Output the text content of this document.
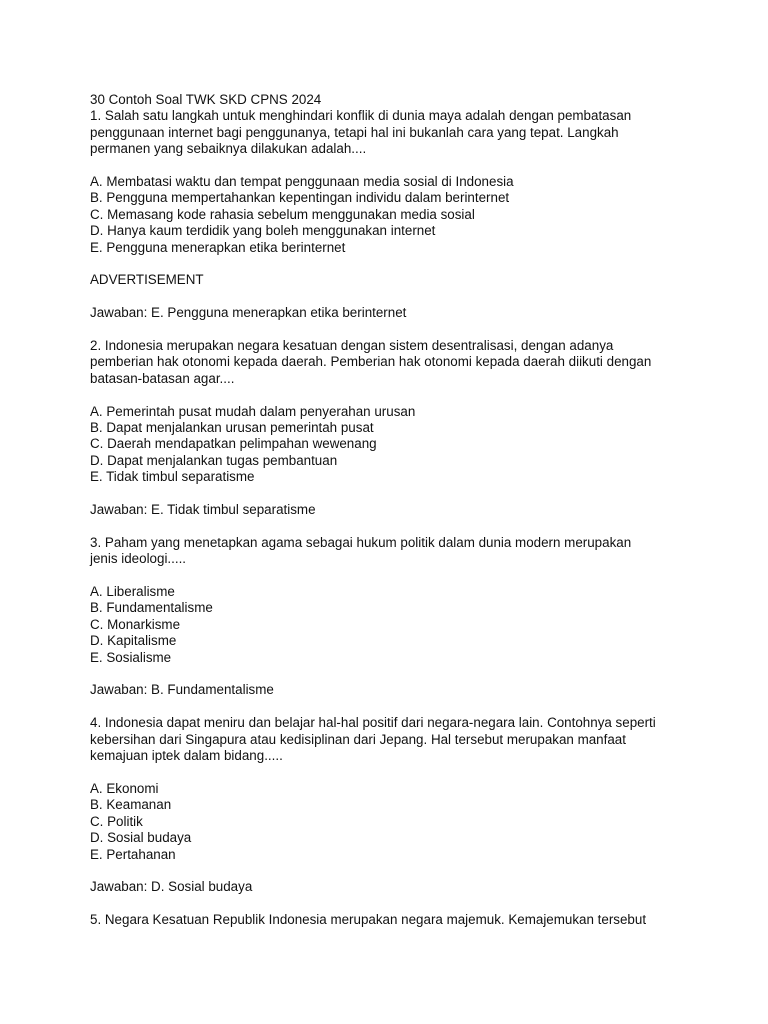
30 Contoh Soal TWK SKD CPNS 2024
1. Salah satu langkah untuk menghindari konflik di dunia maya adalah dengan pembatasan
penggunaan internet bagi penggunanya, tetapi hal ini bukanlah cara yang tepat. Langkah
permanen yang sebaiknya dilakukan adalah....
A. Membatasi waktu dan tempat penggunaan media sosial di Indonesia
B. Pengguna mempertahankan kepentingan individu dalam berinternet
C. Memasang kode rahasia sebelum menggunakan media sosial
D. Hanya kaum terdidik yang boleh menggunakan internet
E. Pengguna menerapkan etika berinternet
ADVERTISEMENT
Jawaban: E. Pengguna menerapkan etika berinternet
2. Indonesia merupakan negara kesatuan dengan sistem desentralisasi, dengan adanya
pemberian hak otonomi kepada daerah. Pemberian hak otonomi kepada daerah diikuti dengan
batasan-batasan agar....
A. Pemerintah pusat mudah dalam penyerahan urusan
B. Dapat menjalankan urusan pemerintah pusat
C. Daerah mendapatkan pelimpahan wewenang
D. Dapat menjalankan tugas pembantuan
E. Tidak timbul separatisme
Jawaban: E. Tidak timbul separatisme
3. Paham yang menetapkan agama sebagai hukum politik dalam dunia modern merupakan
jenis ideologi.....
A. Liberalisme
B. Fundamentalisme
C. Monarkisme
D. Kapitalisme
E. Sosialisme
Jawaban: B. Fundamentalisme
4. Indonesia dapat meniru dan belajar hal-hal positif dari negara-negara lain. Contohnya seperti
kebersihan dari Singapura atau kedisiplinan dari Jepang. Hal tersebut merupakan manfaat
kemajuan iptek dalam bidang.....
A. Ekonomi
B. Keamanan
C. Politik
D. Sosial budaya
E. Pertahanan
Jawaban: D. Sosial budaya
5. Negara Kesatuan Republik Indonesia merupakan negara majemuk. Kemajemukan tersebut
